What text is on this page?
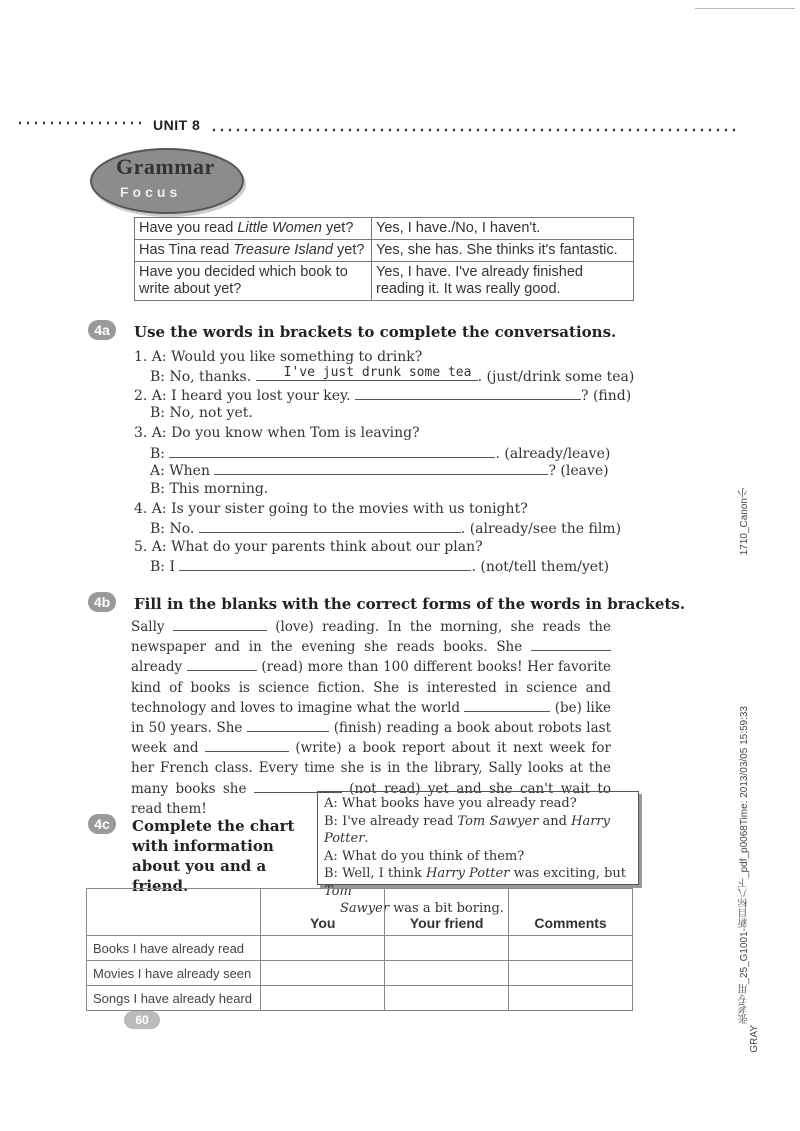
UNIT 8
Grammar
Focus
Have you read Little Women yet?	Yes, I have./No, I haven't.
Has Tina read Treasure Island yet?	Yes, she has. She thinks it's fantastic.
Have you decided which book to write about yet?	Yes, I have. I've already finished reading it. It was really good.
4a	Use the words in brackets to complete the conversations.
1. A: Would you like something to drink?
B: No, thanks. I've just drunk some tea . (just/drink some tea)
2. A: I heard you lost your key.	? (find)
B: No, not yet.
3. A: Do you know when Tom is leaving?
B:	. (already/leave)
A: When	? (leave)
B: This morning.
4. A: Is your sister going to the movies with us tonight?
B: No.	. (already/see the film)
5. A: What do your parents think about our plan?
B: I	. (not/tell them/yet)
4b	Fill in the blanks with the correct forms of the words in brackets.
Sally	(love) reading. In the morning, she reads the newspaper and in the evening she reads books. She  already	(read) more than 100 different books! Her favorite kind of books is science fiction. She is interested in science and technology and loves to imagine what the world	(be) like in 50 years. She	(finish) reading a book about robots last week and	(write) a book report about it next week for her French class. Every time she is in the library, Sally looks at the many books she	(not read) yet and she can't wait to read them!
4c	Complete the chart with information about you and a friend.
A: What books have you already read?
B: I've already read Tom Sawyer and Harry Potter.
A: What do you think of them?
B: Well, I think Harry Potter was exciting, but Tom
Sawyer was a bit boring.
	You	Your friend	Comments
Books I have already read			
Movies I have already seen			
Songs I have already heard			
60
1710_Canon小
张老专用_25_G1001-新目标八下_pdf_p0068Time: 2013/03/05 15:59:33
GRAY
